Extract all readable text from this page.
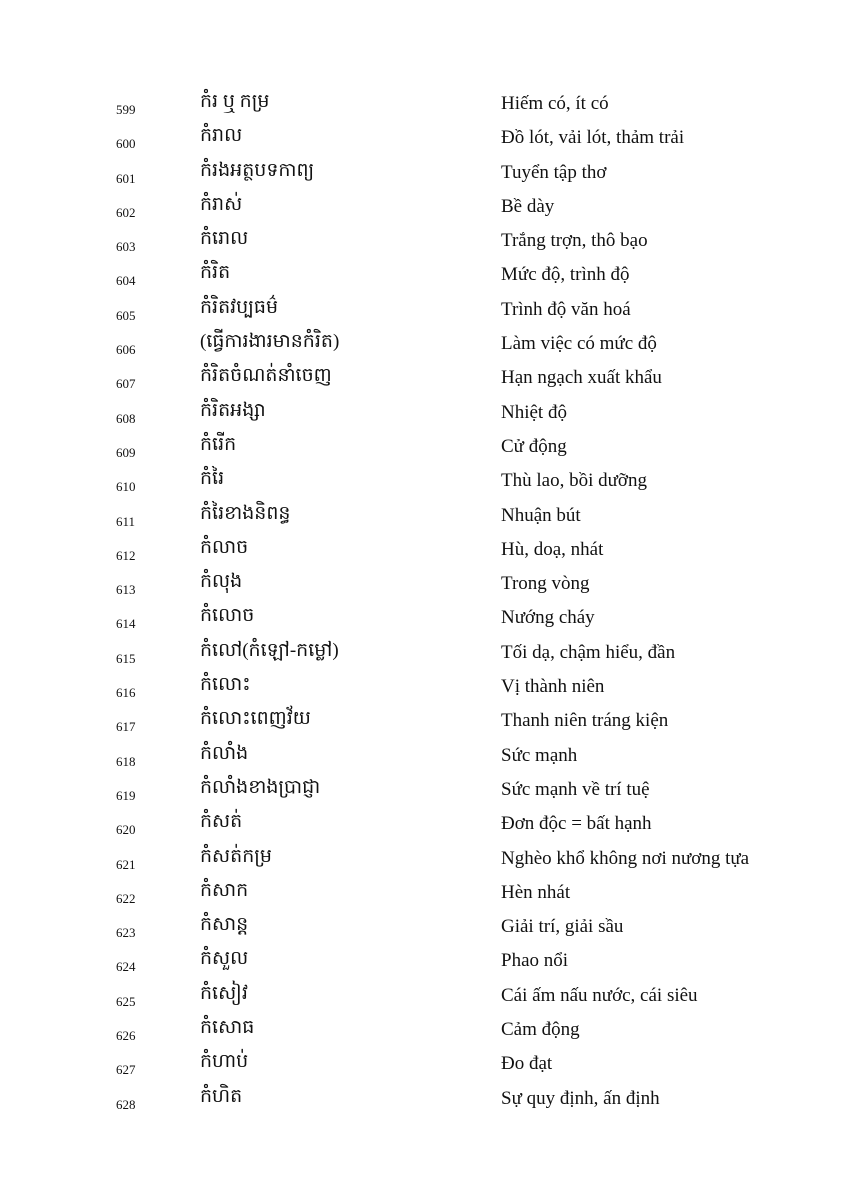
599	កំរ ឬ កម្រ	Hiếm có, ít có
600	កំរាល	Đồ lót, vải lót, thảm trải
601	កំរងអត្ថបទកាព្យ	Tuyển tập thơ
602	កំរាស់	Bề dày
603	កំរោល	Trắng trợn, thô bạo
604	កំរិត	Mức độ, trình độ
605	កំរិតវប្បធម៌	Trình độ văn hoá
606	(ធ្វើការងារមានកំរិត)	Làm việc có mức độ
607	កំរិតចំណត់នាំចេញ	Hạn ngạch xuất khẩu
608	កំរិតអង្សា	Nhiệt độ
609	កំរើក	Cử động
610	កំរៃ	Thù lao, bồi dưỡng
611	កំរៃខាងនិពន្ធ	Nhuận bút
612	កំលាច	Hù, doạ, nhát
613	កំលុង	Trong vòng
614	កំលោច	Nướng cháy
615	កំលៅ(កំឡៅ-កម្លៅ)	Tối dạ, chậm hiểu, đần
616	កំលោះ	Vị thành niên
617	កំលោះពេញវ័យ	Thanh niên tráng kiện
618	កំលាំង	Sức mạnh
619	កំលាំងខាងប្រាជ្ញា	Sức mạnh về trí tuệ
620	កំសត់	Đơn độc = bất hạnh
621	កំសត់កម្រ	Nghèo khổ không nơi nương tựa
622	កំសាក	Hèn nhát
623	កំសាន្ត	Giải trí, giải sầu
624	កំសួល	Phao nổi
625	កំសៀវ	Cái ấm nấu nước, cái siêu
626	កំសោធ	Cảm động
627	កំហាប់	Đo đạt
628	កំហិត	Sự quy định, ấn định
